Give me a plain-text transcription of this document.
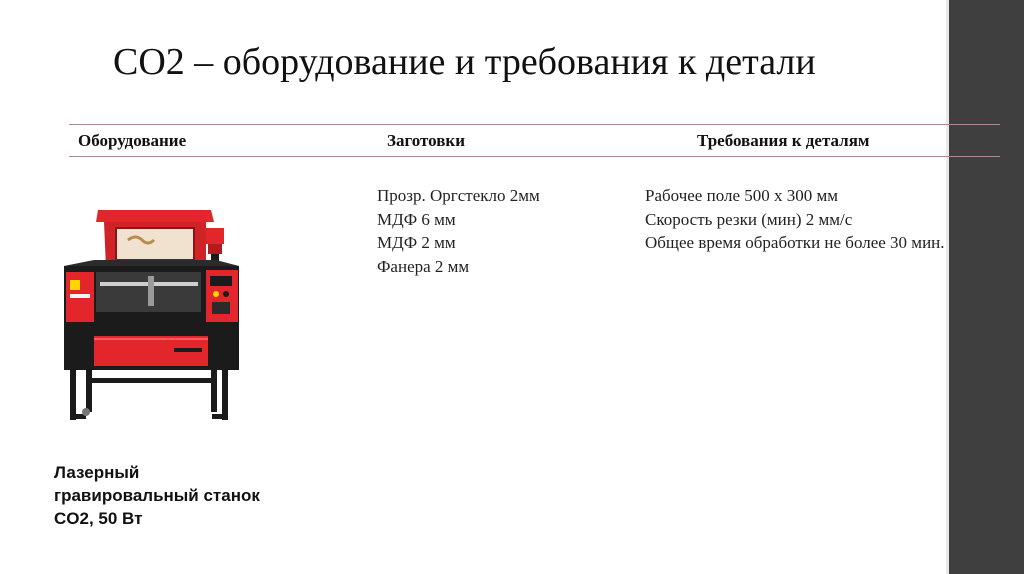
CO2 – оборудование и требования к детали
Оборудование	Заготовки	Требования к деталям
Прозр. Оргстекло 2мм
МДФ 6 мм
МДФ 2 мм
Фанера 2 мм
Рабочее поле 500 х 300 мм
Скорость резки (мин) 2 мм/с
Общее время обработки не более 30 мин.
Лазерный
гравировальный станок
CO2, 50 Вт
